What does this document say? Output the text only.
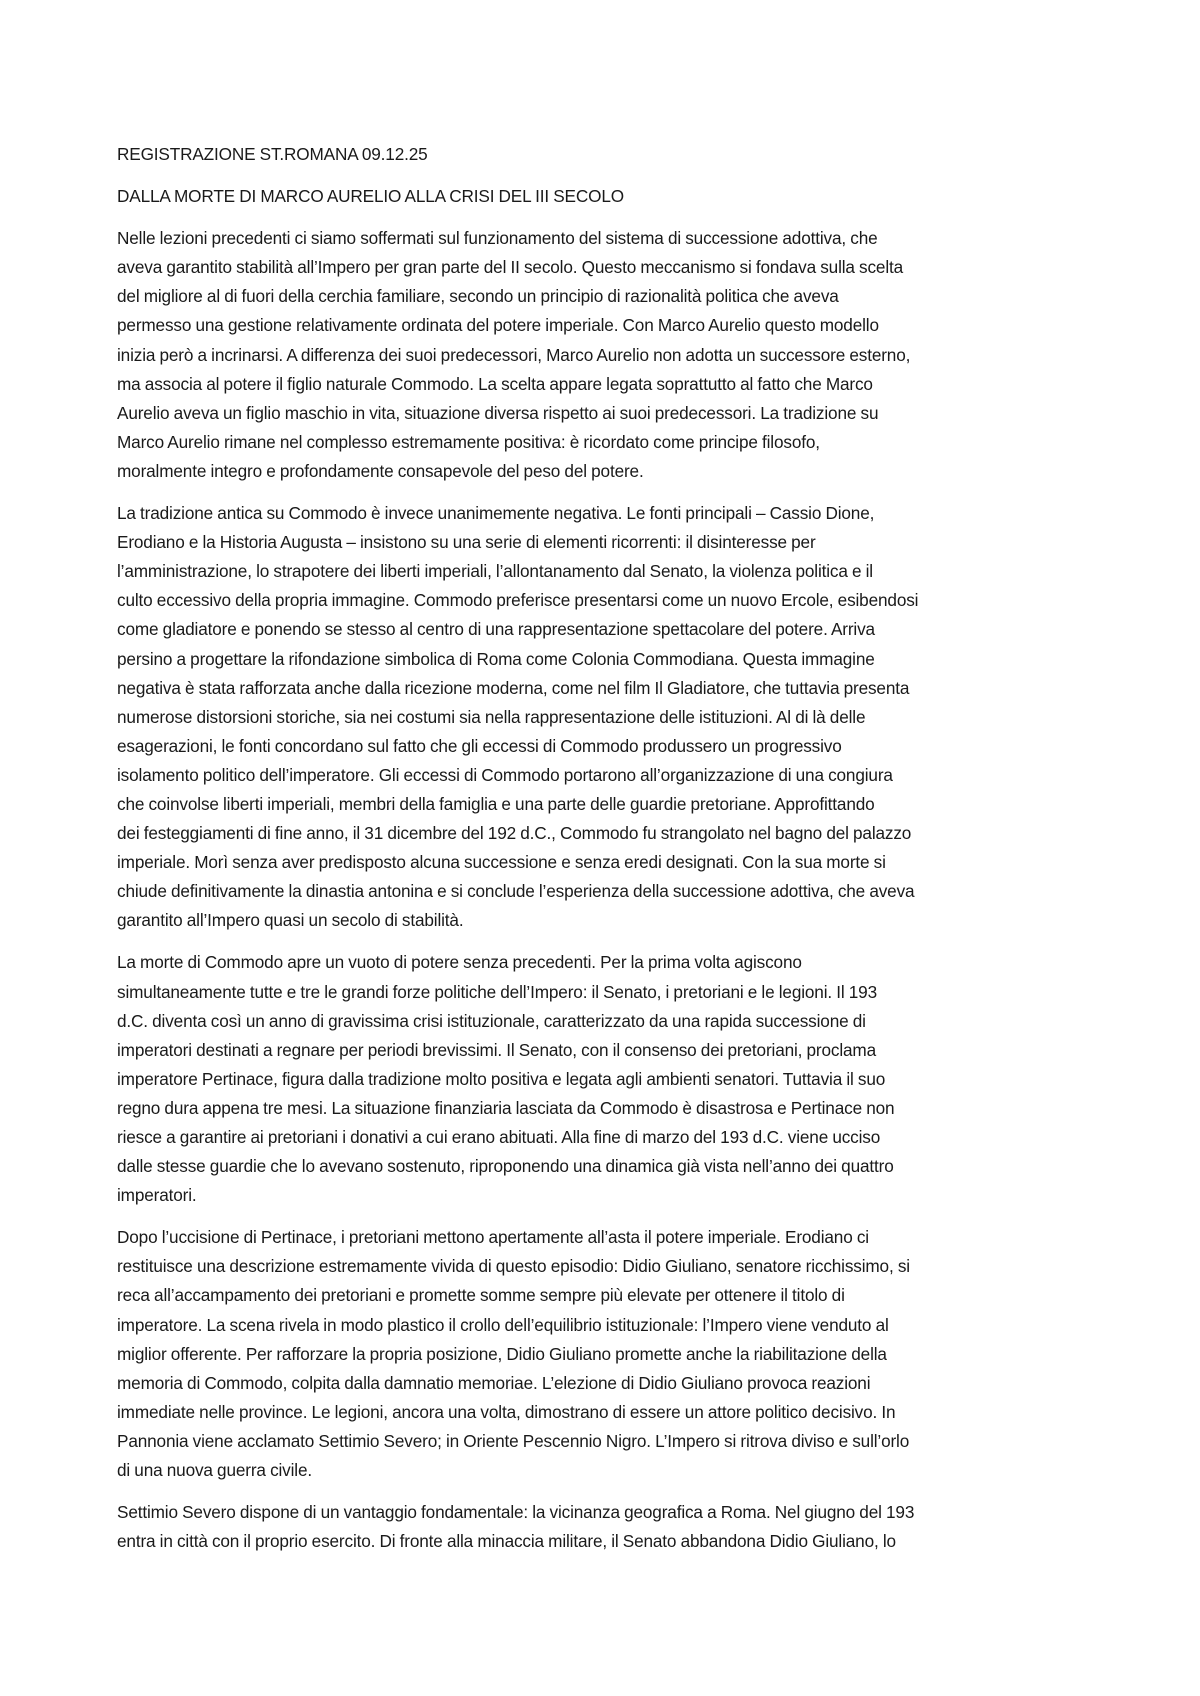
REGISTRAZIONE ST.ROMANA 09.12.25
DALLA MORTE DI MARCO AURELIO ALLA CRISI DEL III SECOLO
Nelle lezioni precedenti ci siamo soffermati sul funzionamento del sistema di successione adottiva, che
aveva garantito stabilità all’Impero per gran parte del II secolo. Questo meccanismo si fondava sulla scelta
del migliore al di fuori della cerchia familiare, secondo un principio di razionalità politica che aveva
permesso una gestione relativamente ordinata del potere imperiale. Con Marco Aurelio questo modello
inizia però a incrinarsi. A differenza dei suoi predecessori, Marco Aurelio non adotta un successore esterno,
ma associa al potere il figlio naturale Commodo. La scelta appare legata soprattutto al fatto che Marco
Aurelio aveva un figlio maschio in vita, situazione diversa rispetto ai suoi predecessori. La tradizione su
Marco Aurelio rimane nel complesso estremamente positiva: è ricordato come principe filosofo,
moralmente integro e profondamente consapevole del peso del potere.
La tradizione antica su Commodo è invece unanimemente negativa. Le fonti principali – Cassio Dione,
Erodiano e la Historia Augusta – insistono su una serie di elementi ricorrenti: il disinteresse per
l’amministrazione, lo strapotere dei liberti imperiali, l’allontanamento dal Senato, la violenza politica e il
culto eccessivo della propria immagine. Commodo preferisce presentarsi come un nuovo Ercole, esibendosi
come gladiatore e ponendo se stesso al centro di una rappresentazione spettacolare del potere. Arriva
persino a progettare la rifondazione simbolica di Roma come Colonia Commodiana. Questa immagine
negativa è stata rafforzata anche dalla ricezione moderna, come nel film Il Gladiatore, che tuttavia presenta
numerose distorsioni storiche, sia nei costumi sia nella rappresentazione delle istituzioni. Al di là delle
esagerazioni, le fonti concordano sul fatto che gli eccessi di Commodo produssero un progressivo
isolamento politico dell’imperatore. Gli eccessi di Commodo portarono all’organizzazione di una congiura
che coinvolse liberti imperiali, membri della famiglia e una parte delle guardie pretoriane. Approfittando
dei festeggiamenti di fine anno, il 31 dicembre del 192 d.C., Commodo fu strangolato nel bagno del palazzo
imperiale. Morì senza aver predisposto alcuna successione e senza eredi designati. Con la sua morte si
chiude definitivamente la dinastia antonina e si conclude l’esperienza della successione adottiva, che aveva
garantito all’Impero quasi un secolo di stabilità.
La morte di Commodo apre un vuoto di potere senza precedenti. Per la prima volta agiscono
simultaneamente tutte e tre le grandi forze politiche dell’Impero: il Senato, i pretoriani e le legioni. Il 193
d.C. diventa così un anno di gravissima crisi istituzionale, caratterizzato da una rapida successione di
imperatori destinati a regnare per periodi brevissimi. Il Senato, con il consenso dei pretoriani, proclama
imperatore Pertinace, figura dalla tradizione molto positiva e legata agli ambienti senatori. Tuttavia il suo
regno dura appena tre mesi. La situazione finanziaria lasciata da Commodo è disastrosa e Pertinace non
riesce a garantire ai pretoriani i donativi a cui erano abituati. Alla fine di marzo del 193 d.C. viene ucciso
dalle stesse guardie che lo avevano sostenuto, riproponendo una dinamica già vista nell’anno dei quattro
imperatori.
Dopo l’uccisione di Pertinace, i pretoriani mettono apertamente all’asta il potere imperiale. Erodiano ci
restituisce una descrizione estremamente vivida di questo episodio: Didio Giuliano, senatore ricchissimo, si
reca all’accampamento dei pretoriani e promette somme sempre più elevate per ottenere il titolo di
imperatore. La scena rivela in modo plastico il crollo dell’equilibrio istituzionale: l’Impero viene venduto al
miglior offerente. Per rafforzare la propria posizione, Didio Giuliano promette anche la riabilitazione della
memoria di Commodo, colpita dalla damnatio memoriae. L’elezione di Didio Giuliano provoca reazioni
immediate nelle province. Le legioni, ancora una volta, dimostrano di essere un attore politico decisivo. In
Pannonia viene acclamato Settimio Severo; in Oriente Pescennio Nigro. L’Impero si ritrova diviso e sull’orlo
di una nuova guerra civile.
Settimio Severo dispone di un vantaggio fondamentale: la vicinanza geografica a Roma. Nel giugno del 193
entra in città con il proprio esercito. Di fronte alla minaccia militare, il Senato abbandona Didio Giuliano, lo
